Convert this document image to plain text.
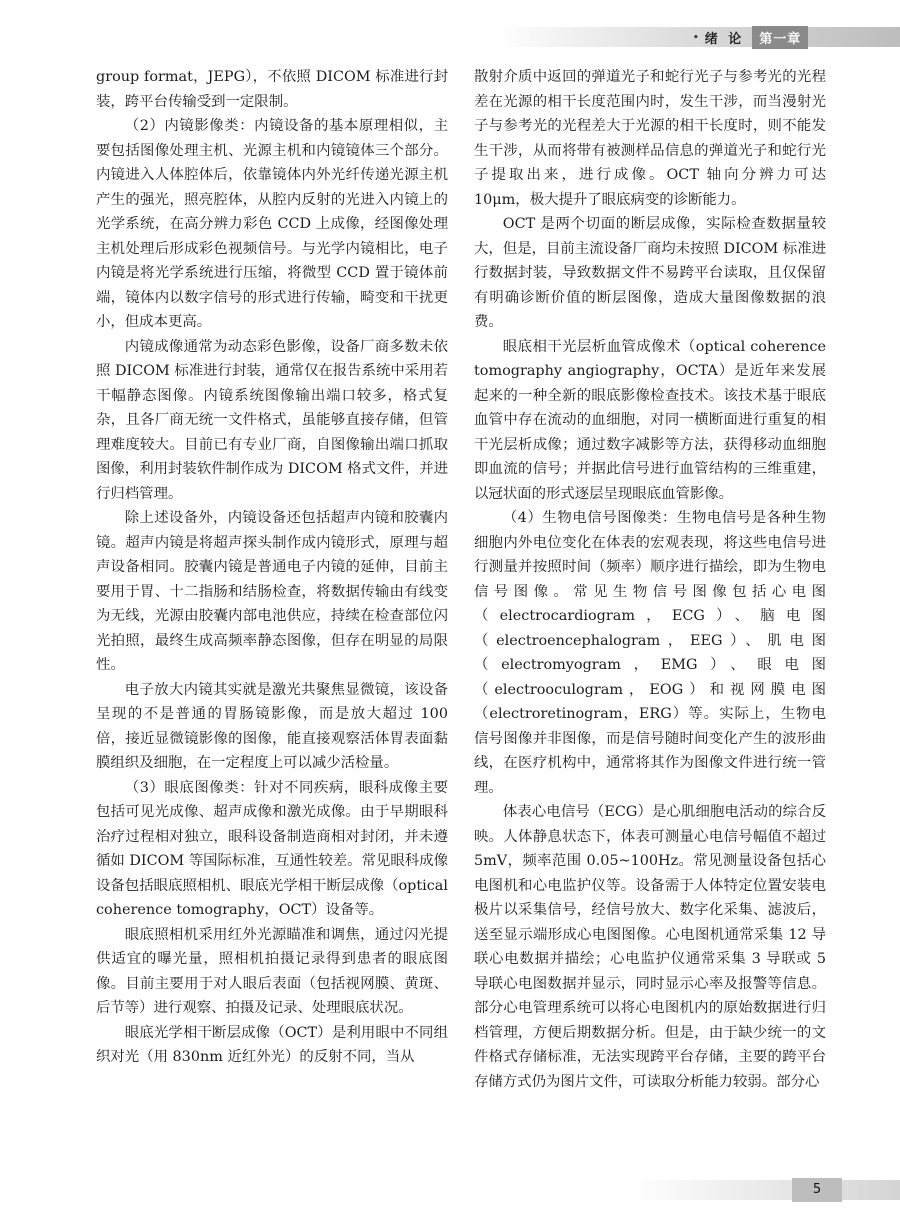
• 绪 论	第一章

group format，JEPG），不依照 DICOM 标准进行封装，跨平台传输受到一定限制。

（2）内镜影像类：内镜设备的基本原理相似，主要包括图像处理主机、光源主机和内镜镜体三个部分。内镜进入人体腔体后，依靠镜体内外光纤传递光源主机产生的强光，照亮腔体，从腔内反射的光进入内镜上的光学系统，在高分辨力彩色 CCD 上成像，经图像处理主机处理后形成彩色视频信号。与光学内镜相比，电子内镜是将光学系统进行压缩，将微型 CCD 置于镜体前端，镜体内以数字信号的形式进行传输，畸变和干扰更小，但成本更高。

内镜成像通常为动态彩色影像，设备厂商多数未依照 DICOM 标准进行封装，通常仅在报告系统中采用若干幅静态图像。内镜系统图像输出端口较多，格式复杂，且各厂商无统一文件格式，虽能够直接存储，但管理难度较大。目前已有专业厂商，自图像输出端口抓取图像，利用封装软件制作成为 DICOM 格式文件，并进行归档管理。

除上述设备外，内镜设备还包括超声内镜和胶囊内镜。超声内镜是将超声探头制作成内镜形式，原理与超声设备相同。胶囊内镜是普通电子内镜的延伸，目前主要用于胃、十二指肠和结肠检查，将数据传输由有线变为无线，光源由胶囊内部电池供应，持续在检查部位闪光拍照，最终生成高频率静态图像，但存在明显的局限性。

电子放大内镜其实就是激光共聚焦显微镜，该设备呈现的不是普通的胃肠镜影像，而是放大超过 100 倍，接近显微镜影像的图像，能直接观察活体胃表面黏膜组织及细胞，在一定程度上可以减少活检量。

（3）眼底图像类：针对不同疾病，眼科成像主要包括可见光成像、超声成像和激光成像。由于早期眼科治疗过程相对独立，眼科设备制造商相对封闭，并未遵循如 DICOM 等国际标准，互通性较差。常见眼科成像设备包括眼底照相机、眼底光学相干断层成像（optical coherence tomography，OCT）设备等。

眼底照相机采用红外光源瞄准和调焦，通过闪光提供适宜的曝光量，照相机拍摄记录得到患者的眼底图像。目前主要用于对人眼后表面（包括视网膜、黄斑、后节等）进行观察、拍摄及记录、处理眼底状况。

眼底光学相干断层成像（OCT）是利用眼中不同组织对光（用 830nm 近红外光）的反射不同，当从

散射介质中返回的弹道光子和蛇行光子与参考光的光程差在光源的相干长度范围内时，发生干涉，而当漫射光子与参考光的光程差大于光源的相干长度时，则不能发生干涉，从而将带有被测样品信息的弹道光子和蛇行光子提取出来，进行成像。OCT 轴向分辨力可达 10μm，极大提升了眼底病变的诊断能力。

OCT 是两个切面的断层成像，实际检查数据量较大，但是，目前主流设备厂商均未按照 DICOM 标准进行数据封装，导致数据文件不易跨平台读取，且仅保留有明确诊断价值的断层图像，造成大量图像数据的浪费。

眼底相干光层析血管成像术（optical coherence tomography angiography，OCTA）是近年来发展起来的一种全新的眼底影像检查技术。该技术基于眼底血管中存在流动的血细胞，对同一横断面进行重复的相干光层析成像；通过数字减影等方法，获得移动血细胞即血流的信号；并据此信号进行血管结构的三维重建，以冠状面的形式逐层呈现眼底血管影像。

（4）生物电信号图像类：生物电信号是各种生物细胞内外电位变化在体表的宏观表现，将这些电信号进行测量并按照时间（频率）顺序进行描绘，即为生物电信号图像。常见生物信号图像包括心电图（electrocardiogram，ECG）、脑电图（electroencephalogram，EEG）、肌电图（electromyogram，EMG）、眼电图（electrooculogram，EOG）和视网膜电图（electroretinogram，ERG）等。实际上，生物电信号图像并非图像，而是信号随时间变化产生的波形曲线，在医疗机构中，通常将其作为图像文件进行统一管理。

体表心电信号（ECG）是心肌细胞电活动的综合反映。人体静息状态下，体表可测量心电信号幅值不超过 5mV，频率范围 0.05~100Hz。常见测量设备包括心电图机和心电监护仪等。设备需于人体特定位置安装电极片以采集信号，经信号放大、数字化采集、滤波后，送至显示端形成心电图图像。心电图机通常采集 12 导联心电数据并描绘；心电监护仪通常采集 3 导联或 5 导联心电图数据并显示，同时显示心率及报警等信息。部分心电管理系统可以将心电图机内的原始数据进行归档管理，方便后期数据分析。但是，由于缺少统一的文件格式存储标准，无法实现跨平台存储，主要的跨平台存储方式仍为图片文件，可读取分析能力较弱。部分心

5
